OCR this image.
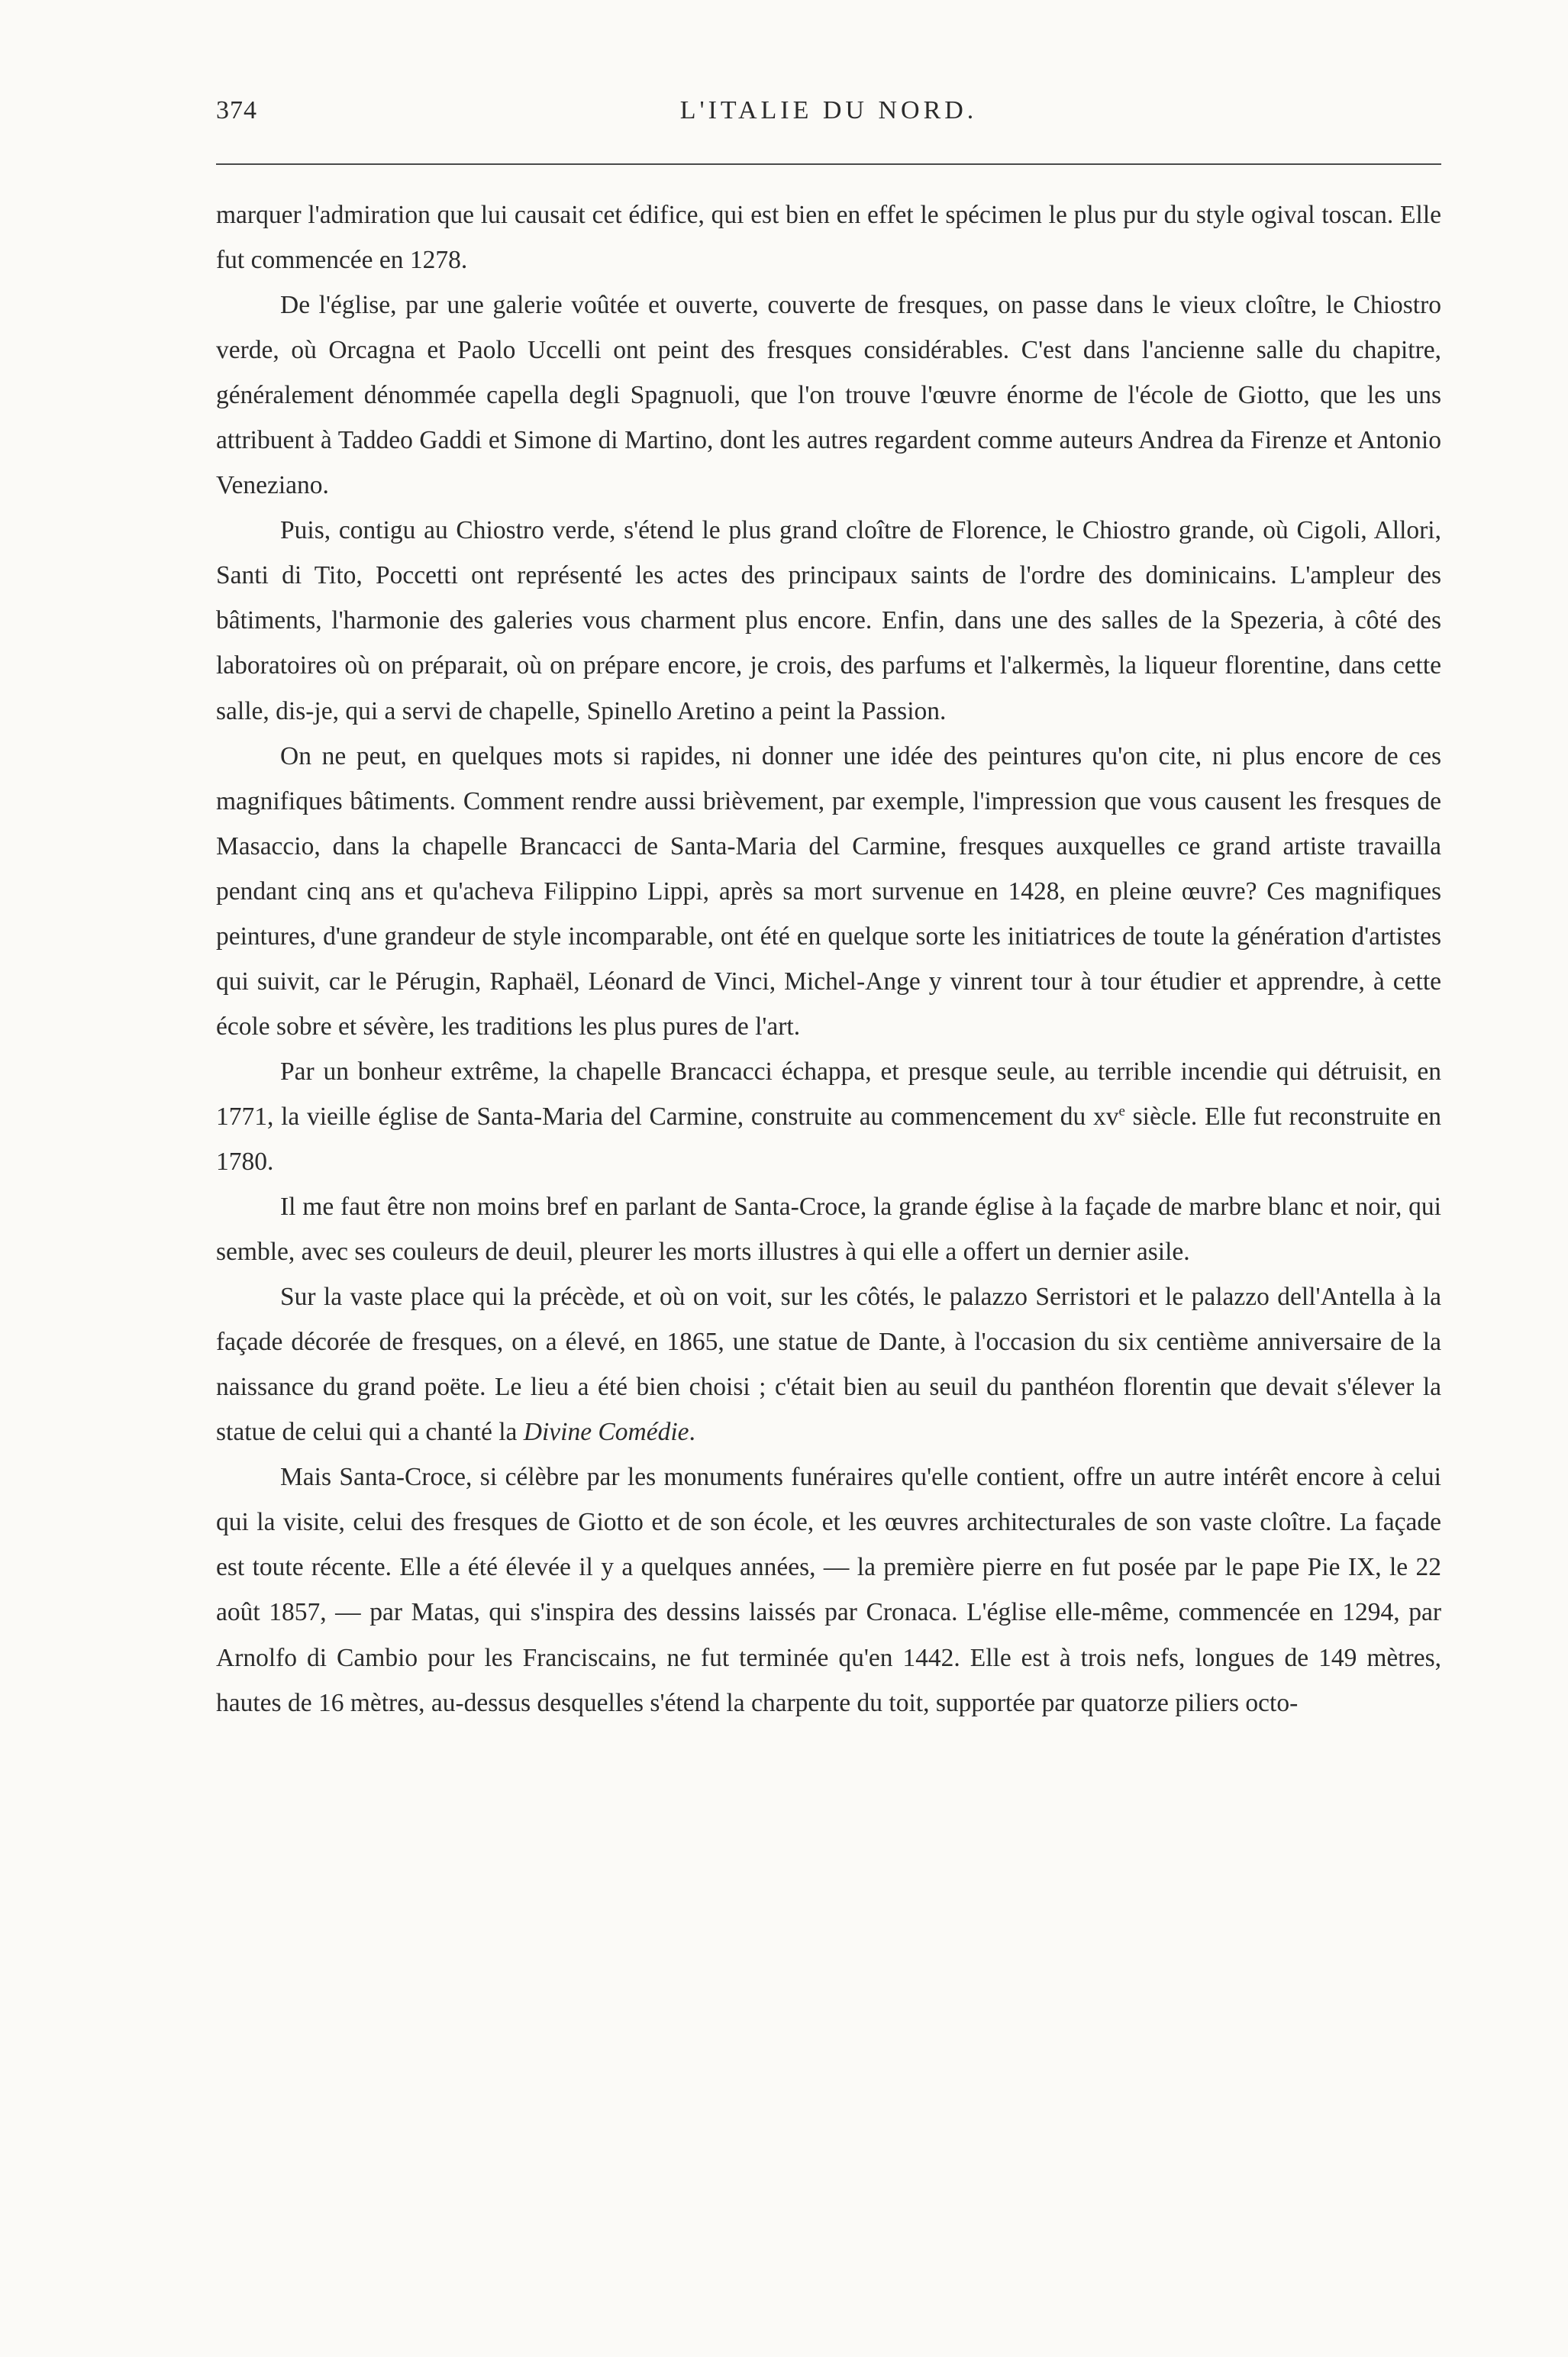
374	L'ITALIE DU NORD.

marquer l'admiration que lui causait cet édifice, qui est bien en effet le spécimen le plus pur du style ogival toscan. Elle fut commencée en 1278.

De l'église, par une galerie voûtée et ouverte, couverte de fresques, on passe dans le vieux cloître, le Chiostro verde, où Orcagna et Paolo Uccelli ont peint des fresques considérables. C'est dans l'ancienne salle du chapitre, généralement dénommée capella degli Spagnuoli, que l'on trouve l'œuvre énorme de l'école de Giotto, que les uns attribuent à Taddeo Gaddi et Simone di Martino, dont les autres regardent comme auteurs Andrea da Firenze et Antonio Veneziano.

Puis, contigu au Chiostro verde, s'étend le plus grand cloître de Florence, le Chiostro grande, où Cigoli, Allori, Santi di Tito, Poccetti ont représenté les actes des principaux saints de l'ordre des dominicains. L'ampleur des bâtiments, l'harmonie des galeries vous charment plus encore. Enfin, dans une des salles de la Spezeria, à côté des laboratoires où on préparait, où on prépare encore, je crois, des parfums et l'alkermès, la liqueur florentine, dans cette salle, dis-je, qui a servi de chapelle, Spinello Aretino a peint la Passion.

On ne peut, en quelques mots si rapides, ni donner une idée des peintures qu'on cite, ni plus encore de ces magnifiques bâtiments. Comment rendre aussi brièvement, par exemple, l'impression que vous causent les fresques de Masaccio, dans la chapelle Brancacci de Santa-Maria del Carmine, fresques auxquelles ce grand artiste travailla pendant cinq ans et qu'acheva Filippino Lippi, après sa mort survenue en 1428, en pleine œuvre? Ces magnifiques peintures, d'une grandeur de style incomparable, ont été en quelque sorte les initiatrices de toute la génération d'artistes qui suivit, car le Pérugin, Raphaël, Léonard de Vinci, Michel-Ange y vinrent tour à tour étudier et apprendre, à cette école sobre et sévère, les traditions les plus pures de l'art.

Par un bonheur extrême, la chapelle Brancacci échappa, et presque seule, au terrible incendie qui détruisit, en 1771, la vieille église de Santa-Maria del Carmine, construite au commencement du $xv^e$ siècle. Elle fut reconstruite en 1780.

Il me faut être non moins bref en parlant de Santa-Croce, la grande église à la façade de marbre blanc et noir, qui semble, avec ses couleurs de deuil, pleurer les morts illustres à qui elle a offert un dernier asile.

Sur la vaste place qui la précède, et où on voit, sur les côtés, le palazzo Serristori et le palazzo dell'Antella à la façade décorée de fresques, on a élevé, en 1865, une statue de Dante, à l'occasion du six centième anniversaire de la naissance du grand poëte. Le lieu a été bien choisi ; c'était bien au seuil du panthéon florentin que devait s'élever la statue de celui qui a chanté la Divine Comédie.

Mais Santa-Croce, si célèbre par les monuments funéraires qu'elle contient, offre un autre intérêt encore à celui qui la visite, celui des fresques de Giotto et de son école, et les œuvres architecturales de son vaste cloître. La façade est toute récente. Elle a été élevée il y a quelques années, — la première pierre en fut posée par le pape Pie IX, le 22 août 1857, — par Matas, qui s'inspira des dessins laissés par Cronaca. L'église elle-même, commencée en 1294, par Arnolfo di Cambio pour les Franciscains, ne fut terminée qu'en 1442. Elle est à trois nefs, longues de 149 mètres, hautes de 16 mètres, au-dessus desquelles s'étend la charpente du toit, supportée par quatorze piliers octo-
